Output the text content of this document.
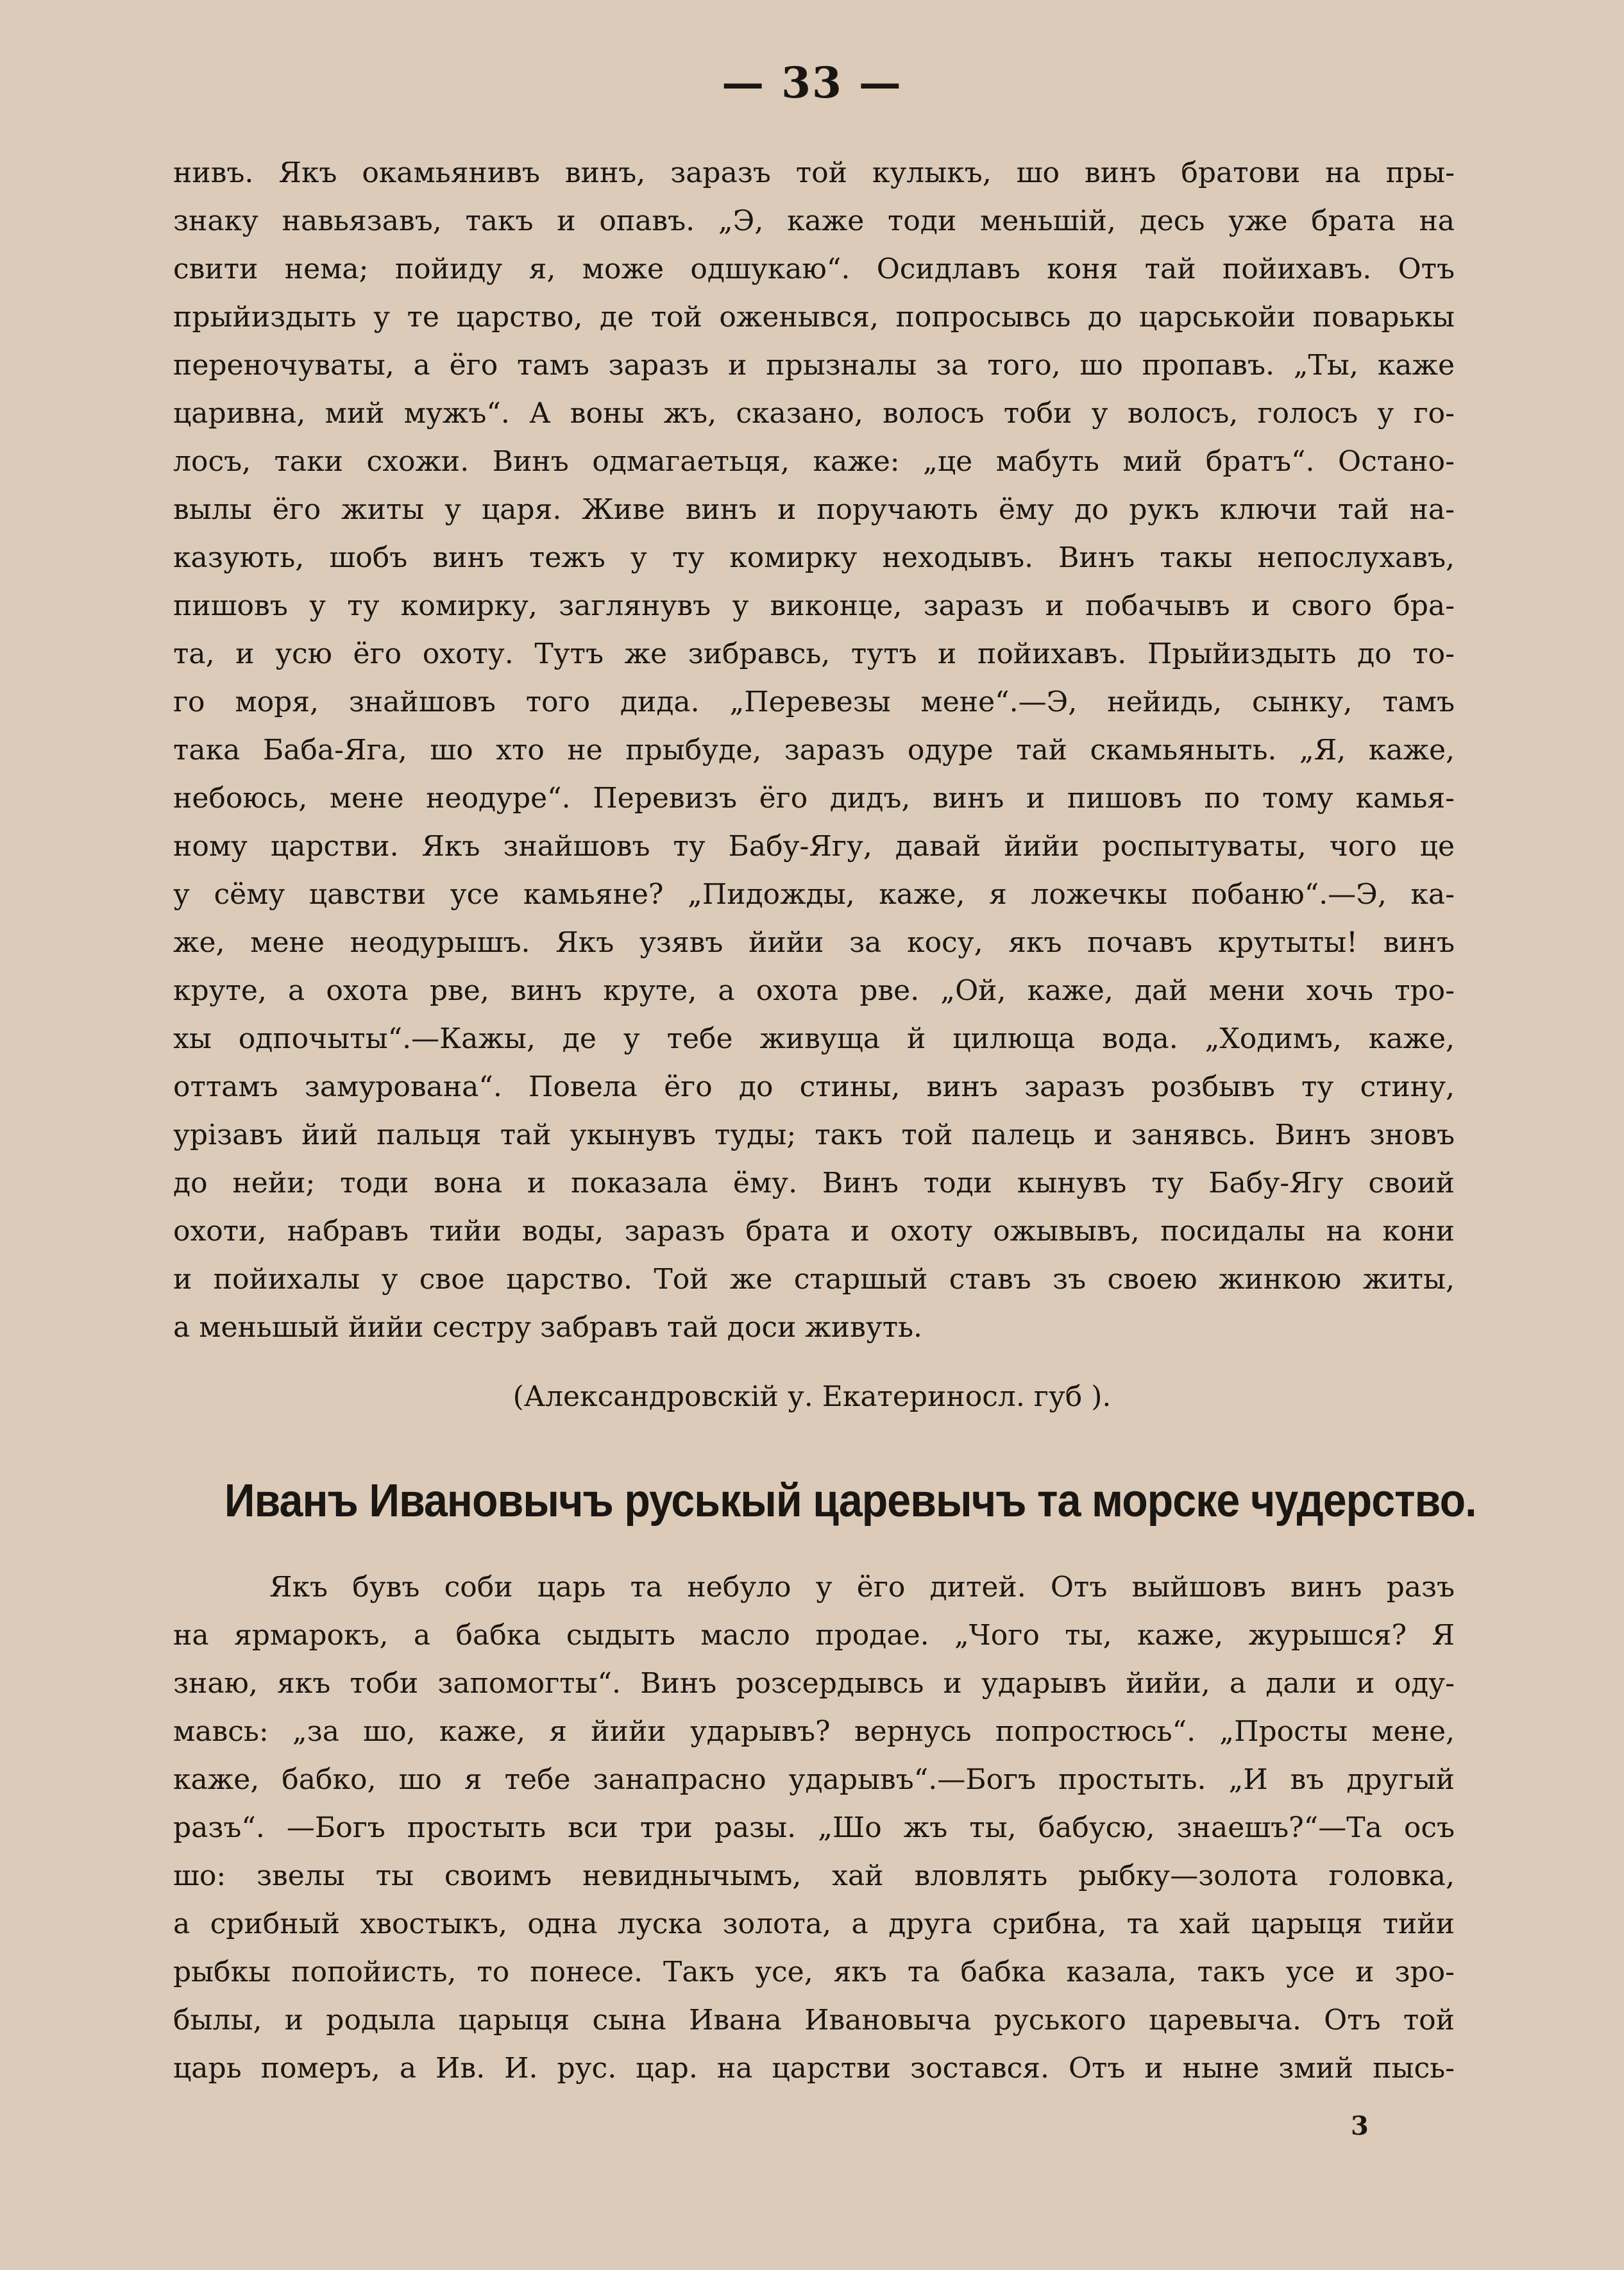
— 33 —
нивъ. Якъ окамьянивъ винъ, заразъ той кулыкъ, шо винъ братови на пры-
знаку навьязавъ, такъ и опавъ. „Э, каже тоди меньшій, десь уже брата на
свити нема; пойиду я, може одшукаю“. Осидлавъ коня тай пойихавъ. Отъ
прыйиздыть у те царство, де той оженывся, попросывсь до царськойи поварькы
переночуваты, а ёго тамъ заразъ и прызналы за того, шо пропавъ. „Ты, каже
царивна, мий мужъ“. А воны жъ, сказано, волосъ тоби у волосъ, голосъ у го-
лосъ, таки схожи. Винъ одмагаетьця, каже: „це мабуть мий братъ“. Остано-
вылы ёго житы у царя. Живе винъ и поручають ёму до рукъ ключи тай на-
казують, шобъ винъ тежъ у ту комирку неходывъ. Винъ такы непослухавъ,
пишовъ у ту комирку, заглянувъ у виконце, заразъ и побачывъ и свого бра-
та, и усю ёго охоту. Тутъ же зибравсь, тутъ и пойихавъ. Прыйиздыть до то-
го моря, знайшовъ того дида. „Перевезы мене“.—Э, нейидь, сынку, тамъ
така Баба-Яга, шо хто не прыбуде, заразъ одуре тай скамьяныть. „Я, каже,
небоюсь, мене неодуре“. Перевизъ ёго дидъ, винъ и пишовъ по тому камья-
ному царстви. Якъ знайшовъ ту Бабу-Ягу, давай йийи роспытуваты, чого це
у сёму цавстви усе камьяне? „Пидожды, каже, я ложечкы побаню“.—Э, ка-
же, мене неодурышъ. Якъ узявъ йийи за косу, якъ почавъ крутыты! винъ
круте, а охота рве, винъ круте, а охота рве. „Ой, каже, дай мени хочь тро-
хы одпочыты“.—Кажы, де у тебе живуща й цилюща вода. „Ходимъ, каже,
оттамъ замурована“. Повела ёго до стины, винъ заразъ розбывъ ту стину,
урізавъ йий пальця тай укынувъ туды; такъ той палець и занявсь. Винъ зновъ
до нейи; тоди вона и показала ёму. Винъ тоди кынувъ ту Бабу-Ягу своий
охоти, набравъ тийи воды, заразъ брата и охоту ожывывъ, посидалы на кони
и пойихалы у свое царство. Той же старшый ставъ зъ своею жинкою житы,
а меньшый йийи сестру забравъ тай доси живуть.
(Александровскій у. Екатериносл. губ ).
Иванъ Ивановычъ руськый царевычъ та морске чудерство.
Якъ бувъ соби царь та небуло у ёго дитей. Отъ выйшовъ винъ разъ
на ярмарокъ, а бабка сыдыть масло продае. „Чого ты, каже, журышся? Я
знаю, якъ тоби запомогты“. Винъ розсердывсь и ударывъ йийи, а дали и оду-
мавсь: „за шо, каже, я йийи ударывъ? вернусь попростюсь“. „Просты мене,
каже, бабко, шо я тебе занапрасно ударывъ“.—Богъ простыть. „И въ другый
разъ“. —Богъ простыть вси три разы. „Шо жъ ты, бабусю, знаешъ?“—Та осъ
шо: звелы ты своимъ невиднычымъ, хай вловлять рыбку—золота головка,
а срибный хвостыкъ, одна луска золота, а друга срибна, та хай царыця тийи
рыбкы попойисть, то понесе. Такъ усе, якъ та бабка казала, такъ усе и зро-
былы, и родыла царыця сына Ивана Ивановыча руського царевыча. Отъ той
царь померъ, а Ив. И. рус. цар. на царстви зостався. Отъ и ныне змий пысь-
3
